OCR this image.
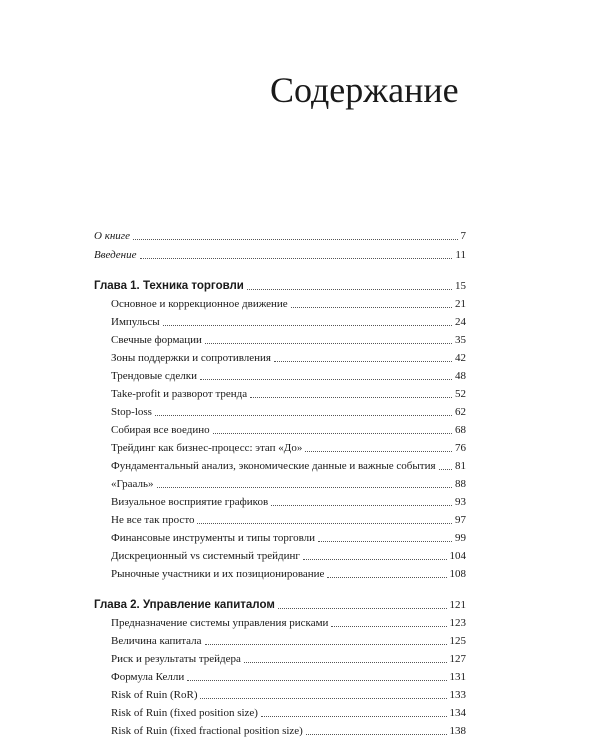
Содержание
О книге	7
Введение	11
Глава 1. Техника торговли	15
Основное и коррекционное движение	21
Импульсы	24
Свечные формации	35
Зоны поддержки и сопротивления	42
Трендовые сделки	48
Take-profit и разворот тренда	52
Stop-loss	62
Собирая все воедино	68
Трейдинг как бизнес-процесс: этап «До»	76
Фундаментальный анализ, экономические данные и важные события 81
«Грааль»	88
Визуальное восприятие графиков	93
Не все так просто	97
Финансовые инструменты и типы торговли	99
Дискреционный vs системный трейдинг	104
Рыночные участники и их позиционирование	108
Глава 2. Управление капиталом	121
Предназначение системы управления рисками	123
Величина капитала	125
Риск и результаты трейдера	127
Формула Келли	131
Risk of Ruin (RoR)	133
Risk of Ruin (fixed position size)	134
Risk of Ruin (fixed fractional position size)	138
